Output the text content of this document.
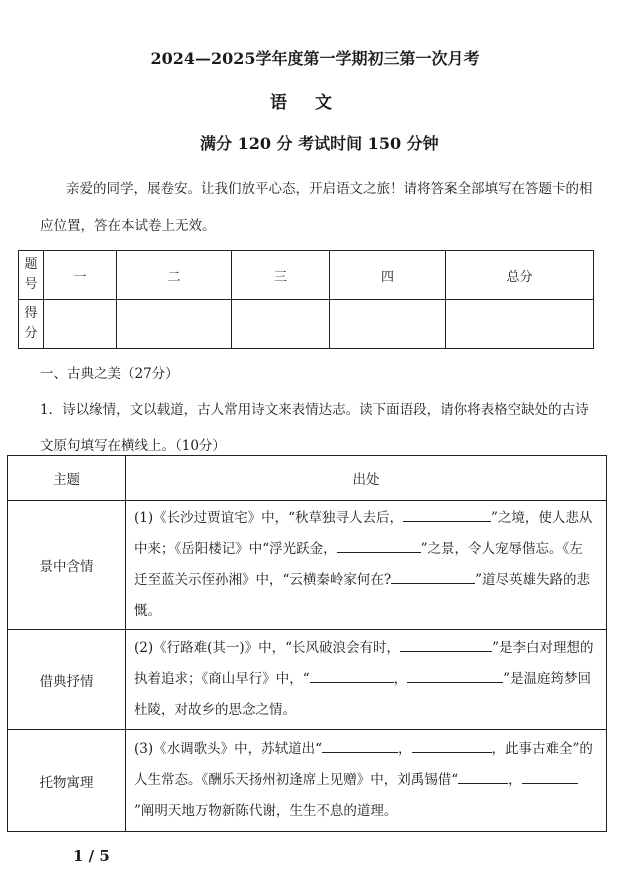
2024—2025学年度第一学期初三第一次月考
语文
满分 120 分 考试时间 150 分钟
亲爱的同学，展卷安。让我们放平心态，开启语文之旅！请将答案全部填写在答题卡的相应位置，答在本试卷上无效。
题号	一	二	三	四	总分
得分					
一、古典之美（27分）
1．诗以缘情，文以载道，古人常用诗文来表情达志。读下面语段，请你将表格空缺处的古诗文原句填写在横线上。（10分）
主题	出处
景中含情	(1)《长沙过贾谊宅》中，“秋草独寻人去后， ”之境，使人悲从中来；《岳阳楼记》中“浮光跃金， ”之景，令人宠辱偕忘。《左迁至蓝关示侄孙湘》中，“云横秦岭家何在? ”道尽英雄失路的悲慨。
借典抒情	(2)《行路难(其一)》中，“长风破浪会有时， ”是李白对理想的执着追求；《商山早行》中，“ ， ”是温庭筠梦回杜陵，对故乡的思念之情。
托物寓理	(3)《水调歌头》中，苏轼道出“ ， ，此事古难全”的人生常态。《酬乐天扬州初逢席上见赠》中，刘禹锡借“ ，”阐明天地万物新陈代谢，生生不息的道理。
1 / 5
